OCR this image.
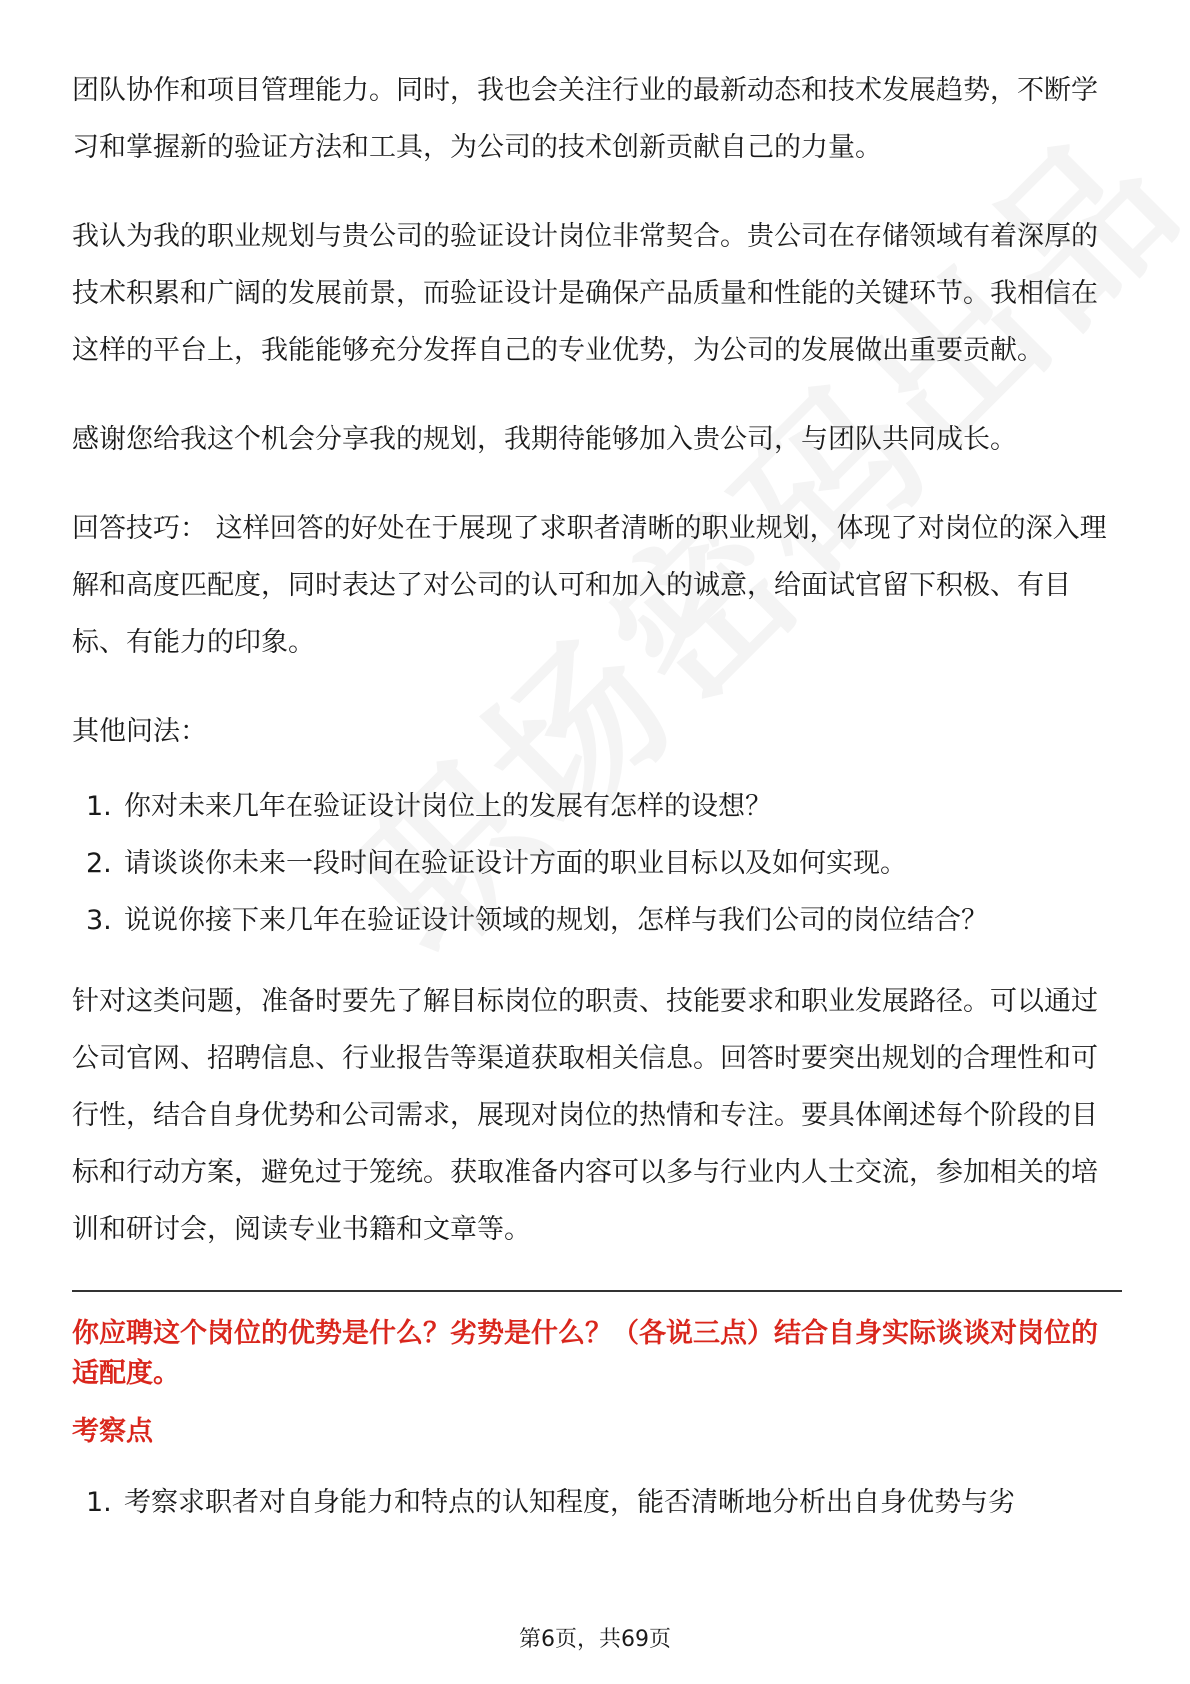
团队协作和项目管理能力。同时，我也会关注行业的最新动态和技术发展趋势，不断学习和掌握新的验证方法和工具，为公司的技术创新贡献自己的力量。

我认为我的职业规划与贵公司的验证设计岗位非常契合。贵公司在存储领域有着深厚的技术积累和广阔的发展前景，而验证设计是确保产品质量和性能的关键环节。我相信在这样的平台上，我能能够充分发挥自己的专业优势，为公司的发展做出重要贡献。

感谢您给我这个机会分享我的规划，我期待能够加入贵公司，与团队共同成长。

回答技巧： 这样回答的好处在于展现了求职者清晰的职业规划，体现了对岗位的深入理解和高度匹配度，同时表达了对公司的认可和加入的诚意，给面试官留下积极、有目标、有能力的印象。

其他问法：

1. 你对未来几年在验证设计岗位上的发展有怎样的设想？
2. 请谈谈你未来一段时间在验证设计方面的职业目标以及如何实现。
3. 说说你接下来几年在验证设计领域的规划，怎样与我们公司的岗位结合？

针对这类问题，准备时要先了解目标岗位的职责、技能要求和职业发展路径。可以通过公司官网、招聘信息、行业报告等渠道获取相关信息。回答时要突出规划的合理性和可行性，结合自身优势和公司需求，展现对岗位的热情和专注。要具体阐述每个阶段的目标和行动方案，避免过于笼统。获取准备内容可以多与行业内人士交流，参加相关的培训和研讨会，阅读专业书籍和文章等。

你应聘这个岗位的优势是什么？劣势是什么？（各说三点）结合自身实际谈谈对岗位的适配度。
考察点
1. 考察求职者对自身能力和特点的认知程度，能否清晰地分析出自身优势与劣
第6页，共69页
